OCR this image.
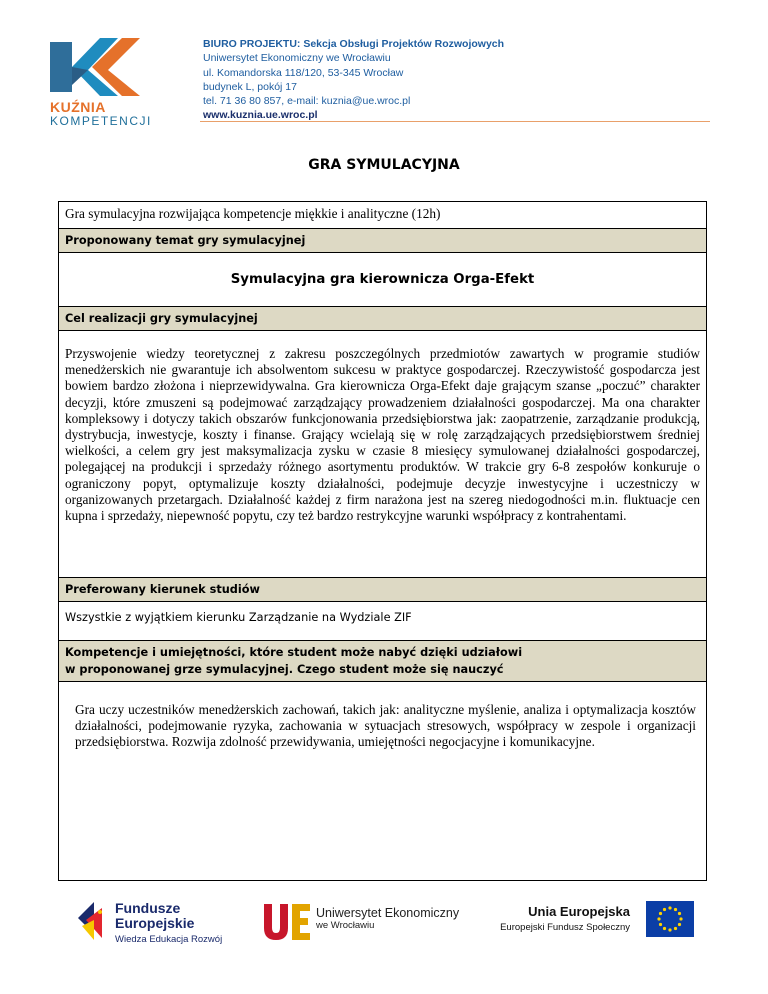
KUŹNIA
KOMPETENCJI
BIURO PROJEKTU: Sekcja Obsługi Projektów Rozwojowych
Uniwersytet Ekonomiczny we Wrocławiu
ul. Komandorska 118/120, 53-345 Wrocław
budynek L, pokój 17
tel. 71 36 80 857, e-mail: kuznia@ue.wroc.pl
www.kuznia.ue.wroc.pl
GRA SYMULACYJNA
Gra symulacyjna rozwijająca kompetencje miękkie i analityczne (12h)
Proponowany temat gry symulacyjnej
Symulacyjna gra kierownicza Orga-Efekt
Cel realizacji gry symulacyjnej
Przyswojenie wiedzy teoretycznej z zakresu poszczególnych przedmiotów zawartych w programie studiów menedżerskich nie gwarantuje ich absolwentom sukcesu w praktyce gospodarczej. Rzeczywistość gospodarcza jest bowiem bardzo złożona i nieprzewidywalna. Gra kierownicza Orga-Efekt daje grającym szanse „poczuć” charakter decyzji, które zmuszeni są podejmować zarządzający prowadzeniem działalności gospodarczej. Ma ona charakter kompleksowy i dotyczy takich obszarów funkcjonowania przedsiębiorstwa jak: zaopatrzenie, zarządzanie produkcją, dystrybucja, inwestycje, koszty i finanse. Grający wcielają się w rolę zarządzających przedsiębiorstwem średniej wielkości, a celem gry jest maksymalizacja zysku w czasie 8 miesięcy symulowanej działalności gospodarczej, polegającej na produkcji i sprzedaży różnego asortymentu produktów. W trakcie gry 6-8 zespołów konkuruje o ograniczony popyt, optymalizuje koszty działalności, podejmuje decyzje inwestycyjne i uczestniczy w organizowanych przetargach. Działalność każdej z firm narażona jest na szereg niedogodności m.in. fluktuacje cen kupna i sprzedaży, niepewność popytu, czy też bardzo restrykcyjne warunki współpracy z kontrahentami.
Preferowany kierunek studiów
Wszystkie z wyjątkiem kierunku Zarządzanie na Wydziale ZIF
Kompetencje i umiejętności, które student może nabyć dzięki udziałowi
w proponowanej grze symulacyjnej. Czego student może się nauczyć
Gra uczy uczestników menedżerskich zachowań, takich jak: analityczne myślenie, analiza i optymalizacja kosztów działalności, podejmowanie ryzyka, zachowania w sytuacjach stresowych, współpracy w zespole i organizacji przedsiębiorstwa. Rozwija zdolność przewidywania, umiejętności negocjacyjne i komunikacyjne.
Fundusze
Europejskie
Wiedza Edukacja Rozwój
Uniwersytet Ekonomiczny
we Wrocławiu
Unia Europejska
Europejski Fundusz Społeczny
